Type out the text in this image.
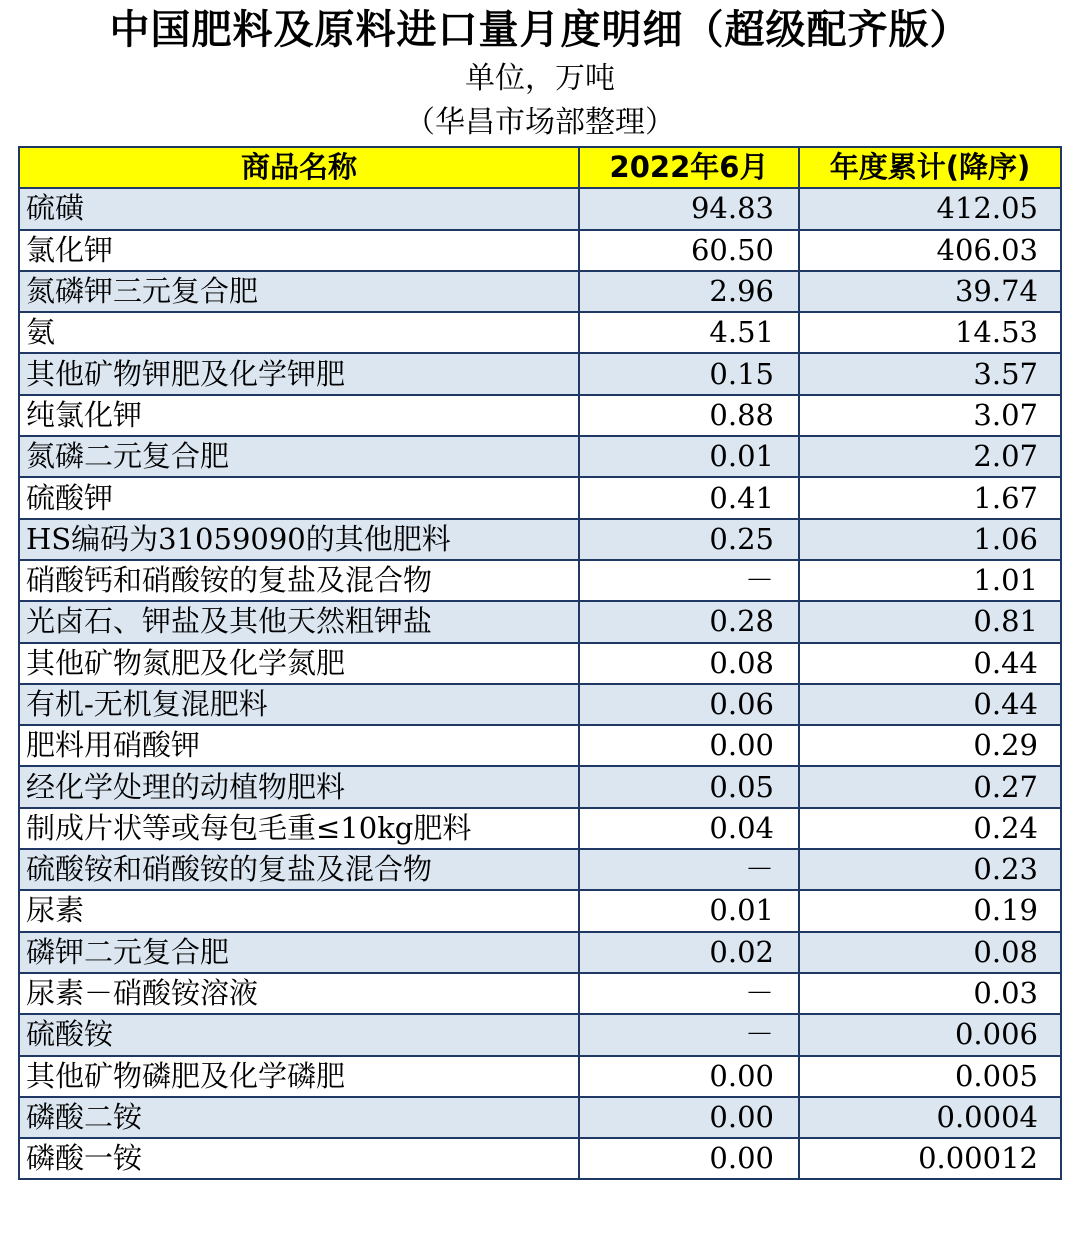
中国肥料及原料进口量月度明细（超级配齐版）
单位，万吨
（华昌市场部整理）
商品名称	2022年6月	年度累计(降序)
硫磺	94.83	412.05
氯化钾	60.50	406.03
氮磷钾三元复合肥	2.96	39.74
氨	4.51	14.53
其他矿物钾肥及化学钾肥	0.15	3.57
纯氯化钾	0.88	3.07
氮磷二元复合肥	0.01	2.07
硫酸钾	0.41	1.67
HS编码为31059090的其他肥料	0.25	1.06
硝酸钙和硝酸铵的复盐及混合物	－	1.01
光卤石、钾盐及其他天然粗钾盐	0.28	0.81
其他矿物氮肥及化学氮肥	0.08	0.44
有机-无机复混肥料	0.06	0.44
肥料用硝酸钾	0.00	0.29
经化学处理的动植物肥料	0.05	0.27
制成片状等或每包毛重≤10kg肥料	0.04	0.24
硫酸铵和硝酸铵的复盐及混合物	－	0.23
尿素	0.01	0.19
磷钾二元复合肥	0.02	0.08
尿素－硝酸铵溶液	－	0.03
硫酸铵	－	0.006
其他矿物磷肥及化学磷肥	0.00	0.005
磷酸二铵	0.00	0.0004
磷酸一铵	0.00	0.00012
